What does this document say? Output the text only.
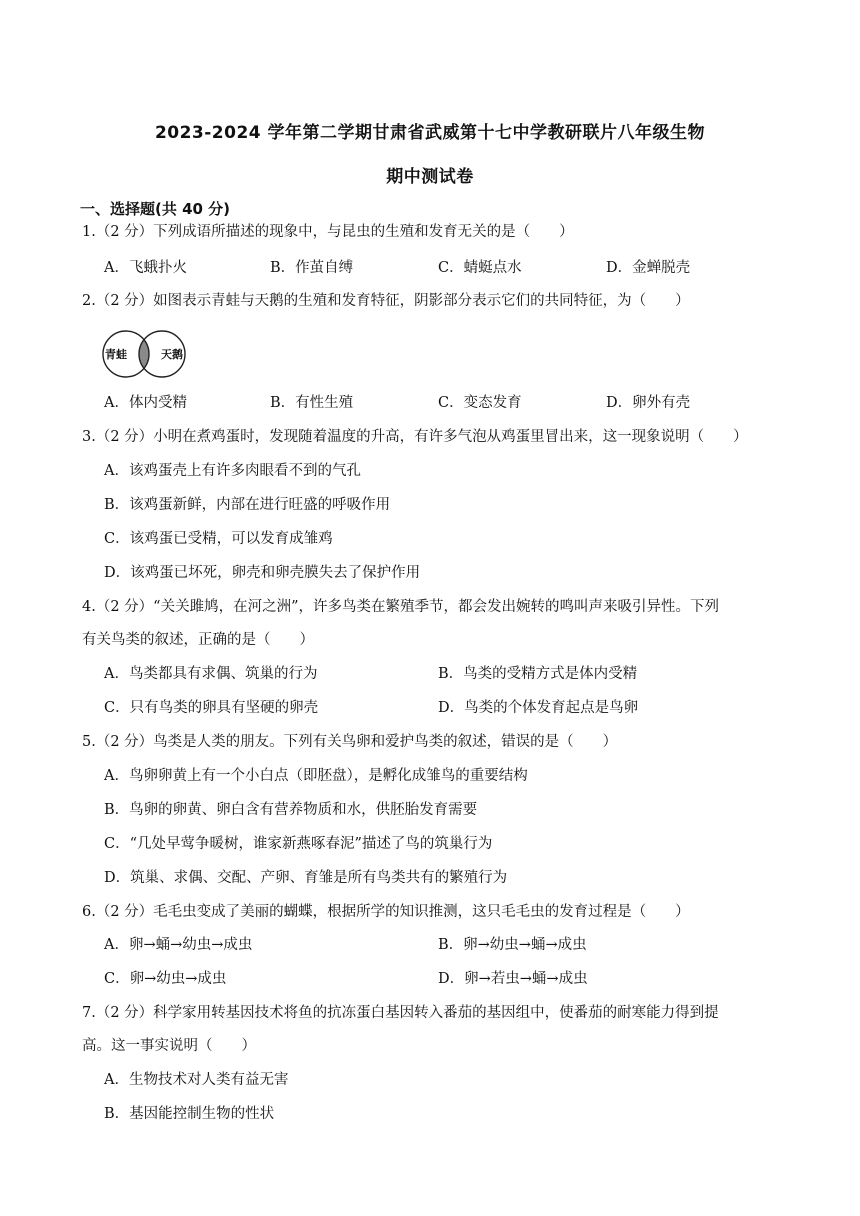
2023-2024 学年第二学期甘肃省武威第十七中学教研联片八年级生物
期中测试卷
一、选择题(共 40 分)
1.（2 分）下列成语所描述的现象中，与昆虫的生殖和发育无关的是（　　）
A．飞蛾扑火	B．作茧自缚	C．蜻蜓点水	D．金蝉脱壳
2.（2 分）如图表示青蛙与天鹅的生殖和发育特征，阴影部分表示它们的共同特征，为（　　）
青蛙	天鹅
A．体内受精	B．有性生殖	C．变态发育	D．卵外有壳
3.（2 分）小明在煮鸡蛋时，发现随着温度的升高，有许多气泡从鸡蛋里冒出来，这一现象说明（　　）
A．该鸡蛋壳上有许多肉眼看不到的气孔
B．该鸡蛋新鲜，内部在进行旺盛的呼吸作用
C．该鸡蛋已受精，可以发育成雏鸡
D．该鸡蛋已坏死，卵壳和卵壳膜失去了保护作用
4.（2 分）“关关雎鸠，在河之洲”，许多鸟类在繁殖季节，都会发出婉转的鸣叫声来吸引异性。下列
有关鸟类的叙述，正确的是（　　）
A．鸟类都具有求偶、筑巢的行为	B．鸟类的受精方式是体内受精
C．只有鸟类的卵具有坚硬的卵壳	D．鸟类的个体发育起点是鸟卵
5.（2 分）鸟类是人类的朋友。下列有关鸟卵和爱护鸟类的叙述，错误的是（　　）
A．鸟卵卵黄上有一个小白点（即胚盘），是孵化成雏鸟的重要结构
B．鸟卵的卵黄、卵白含有营养物质和水，供胚胎发育需要
C．“几处早莺争暖树，谁家新燕啄春泥”描述了鸟的筑巢行为
D．筑巢、求偶、交配、产卵、育雏是所有鸟类共有的繁殖行为
6.（2 分）毛毛虫变成了美丽的蝴蝶，根据所学的知识推测，这只毛毛虫的发育过程是（　　）
A．卵→蛹→幼虫→成虫	B．卵→幼虫→蛹→成虫
C．卵→幼虫→成虫	D．卵→若虫→蛹→成虫
7.（2 分）科学家用转基因技术将鱼的抗冻蛋白基因转入番茄的基因组中，使番茄的耐寒能力得到提
高。这一事实说明（　　）
A．生物技术对人类有益无害
B．基因能控制生物的性状
